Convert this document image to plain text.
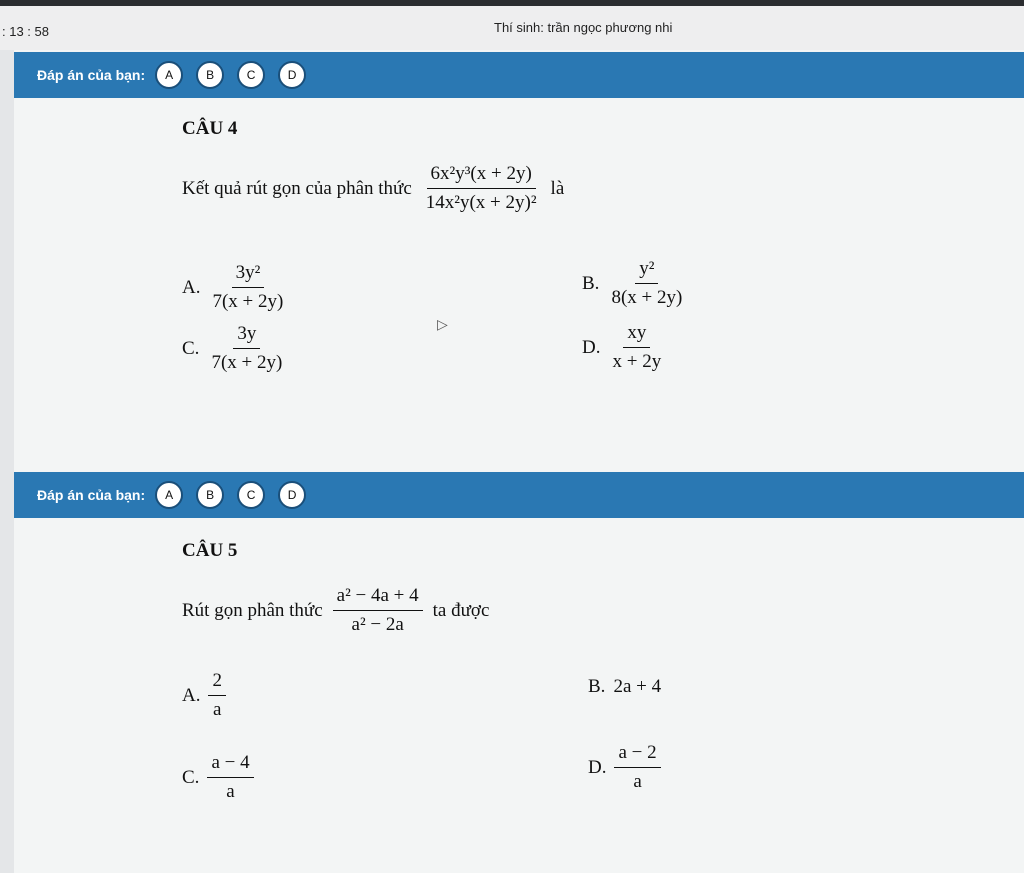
: 13 : 58	Thí sinh: trần ngọc phương nhi
Đáp án của bạn:	A	B	C	D
CÂU 4
Kết quả rút gọn của phân thức $\frac{\text{6x²y³(x + 2y)}}{\text{14x²y(x + 2y)²}}$ là
A. $\frac{\text{3y²}}{7(x + 2y)}$	B. $\frac{\text{y²}}{8(x + 2y)}$
C. $\frac{3y}{7(x + 2y)}$	D. $\frac{xy}{x + 2y}$
▷
Đáp án của bạn:	A	B	C	D
CÂU 5
Rút gọn phân thức $\frac{\text{a² − 4a + 4}}{\text{a² − 2a}}$ ta được
A. $\frac{2}{a}$	B. 2a + 4
C. $\frac{a - 4}{a}$	D. $\frac{a - 2}{a}$
